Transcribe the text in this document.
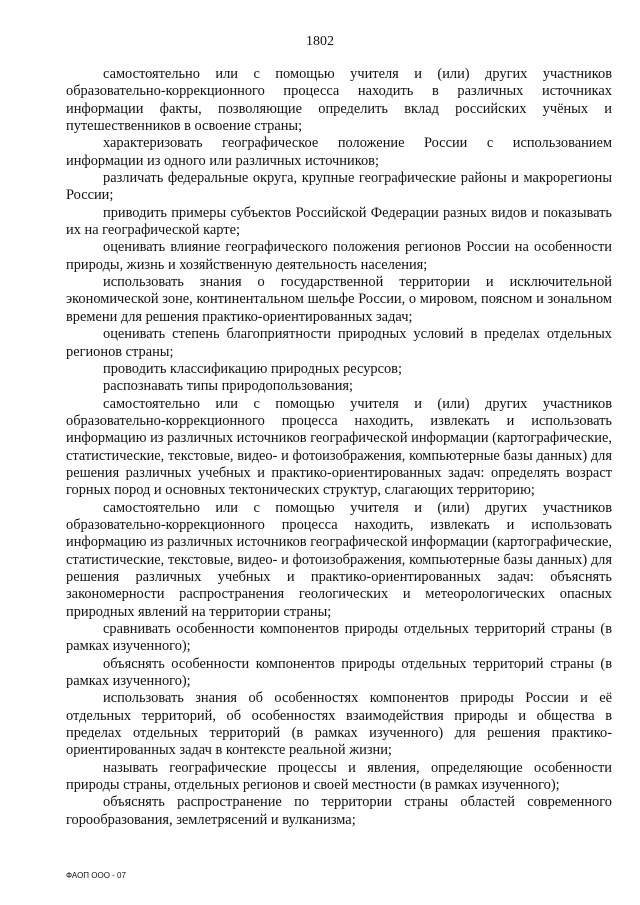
1802

самостоятельно или с помощью учителя и (или) других участников образовательно-коррекционного процесса находить в различных источниках информации факты, позволяющие определить вклад российских учёных и путешественников в освоение страны;

характеризовать географическое положение России с использованием информации из одного или различных источников;

различать федеральные округа, крупные географические районы и макрорегионы России;

приводить примеры субъектов Российской Федерации разных видов и показывать их на географической карте;

оценивать влияние географического положения регионов России на особенности природы, жизнь и хозяйственную деятельность населения;

использовать знания о государственной территории и исключительной экономической зоне, континентальном шельфе России, о мировом, поясном и зональном времени для решения практико-ориентированных задач;

оценивать степень благоприятности природных условий в пределах отдельных регионов страны;

проводить классификацию природных ресурсов;

распознавать типы природопользования;

самостоятельно или с помощью учителя и (или) других участников образовательно-коррекционного процесса находить, извлекать и использовать информацию из различных источников географической информации (картографические, статистические, текстовые, видео- и фотоизображения, компьютерные базы данных) для решения различных учебных и практико-ориентированных задач: определять возраст горных пород и основных тектонических структур, слагающих территорию;

самостоятельно или с помощью учителя и (или) других участников образовательно-коррекционного процесса находить, извлекать и использовать информацию из различных источников географической информации (картографические, статистические, текстовые, видео- и фотоизображения, компьютерные базы данных) для решения различных учебных и практико-ориентированных задач: объяснять закономерности распространения геологических и метеорологических опасных природных явлений на территории страны;

сравнивать особенности компонентов природы отдельных территорий страны (в рамках изученного);

объяснять особенности компонентов природы отдельных территорий страны (в рамках изученного);

использовать знания об особенностях компонентов природы России и её отдельных территорий, об особенностях взаимодействия природы и общества в пределах отдельных территорий (в рамках изученного) для решения практико-ориентированных задач в контексте реальной жизни;

называть географические процессы и явления, определяющие особенности природы страны, отдельных регионов и своей местности (в рамках изученного);

объяснять распространение по территории страны областей современного горообразования, землетрясений и вулканизма;

ФАОП ООО - 07
